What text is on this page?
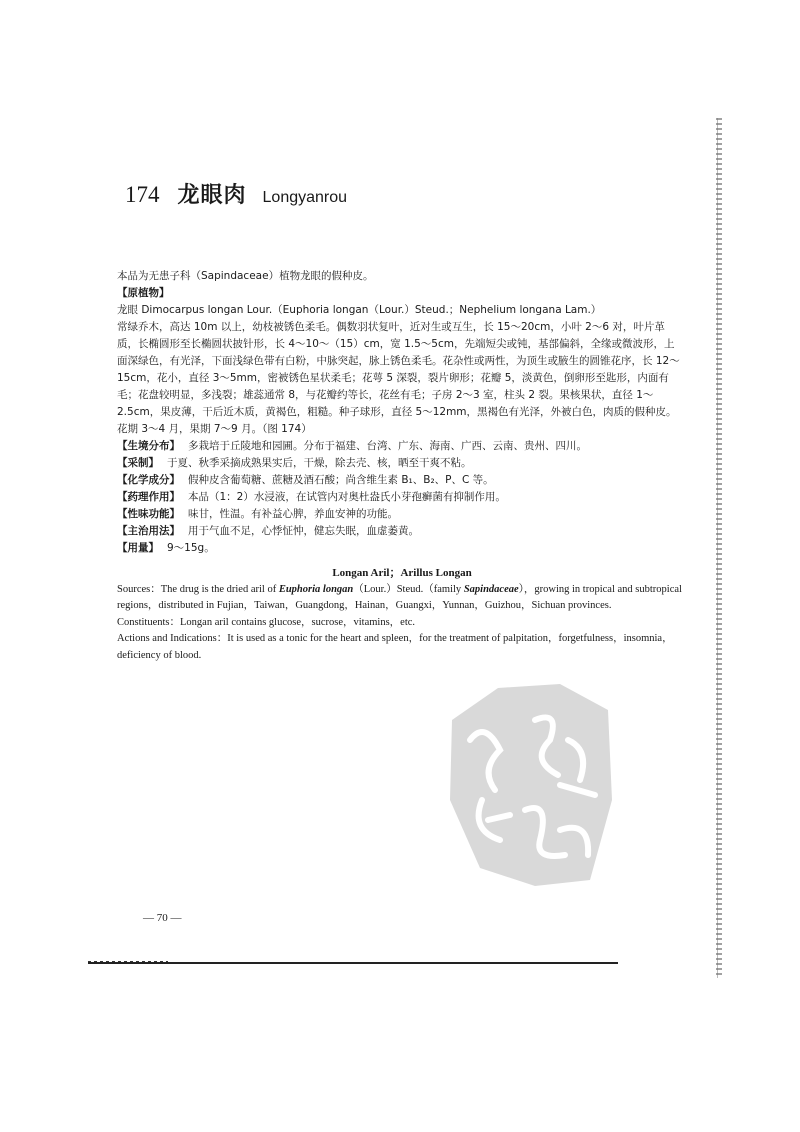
174 龙眼肉 Longyanrou

本品为无患子科（Sapindaceae）植物龙眼的假种皮。

【原植物】

龙眼 Dimocarpus longan Lour.（Euphoria longan（Lour.）Steud.；Nephelium longana Lam.）

常绿乔木，高达 10m 以上，幼枝被锈色柔毛。偶数羽状复叶，近对生或互生，长 15～20cm，小叶 2～6 对，叶片革质，长椭圆形至长椭圆状披针形，长 4～10～（15）cm，宽 1.5～5cm，先端短尖或钝，基部偏斜，全缘或微波形，上面深绿色，有光泽，下面浅绿色带有白粉，中脉突起，脉上锈色柔毛。花杂性或两性，为顶生或腋生的圆锥花序，长 12～15cm，花小，直径 3～5mm，密被锈色星状柔毛；花萼 5 深裂，裂片卵形；花瓣 5，淡黄色，倒卵形至匙形，内面有毛；花盘较明显，多浅裂；雄蕊通常 8，与花瓣约等长，花丝有毛；子房 2～3 室，柱头 2 裂。果核果状，直径 1～2.5cm，果皮薄，干后近木质，黄褐色，粗糙。种子球形，直径 5～12mm，黑褐色有光泽，外被白色，肉质的假种皮。花期 3～4 月，果期 7～9 月。（图 174）

【生境分布】 多栽培于丘陵地和园圃。分布于福建、台湾、广东、海南、广西、云南、贵州、四川。

【采制】 于夏、秋季采摘成熟果实后，干燥，除去壳、核，晒至干爽不粘。

【化学成分】 假种皮含葡萄糖、蔗糖及酒石酸；尚含维生素 B₁、B₂、P、C 等。

【药理作用】 本品（1：2）水浸液，在试管内对奥杜盎氏小芽孢癣菌有抑制作用。

【性味功能】 味甘，性温。有补益心脾，养血安神的功能。

【主治用法】 用于气血不足，心悸怔忡，健忘失眠，血虚萎黄。

【用量】 9～15g。

Longan Aril；Arillus Longan

Sources：The drug is the dried aril of Euphoria longan（Lour.）Steud.（family Sapindaceae），growing in tropical and subtropical regions，distributed in Fujian，Taiwan，Guangdong，Hainan，Guangxi，Yunnan，Guizhou，Sichuan provinces.

Constituents：Longan aril contains glucose，sucrose，vitamins，etc.

Actions and Indications：It is used as a tonic for the heart and spleen，for the treatment of palpitation，forgetfulness，insomnia，deficiency of blood.

— 70 —
